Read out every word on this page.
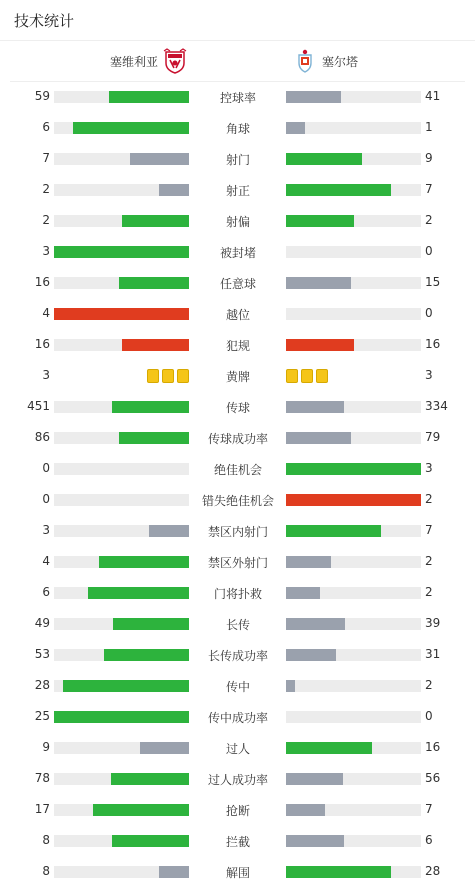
技术统计
塞维利亚	塞尔塔
59	控球率	41
6	角球	1
7	射门	9
2	射正	7
2	射偏	2
3	被封堵	0
16	任意球	15
4	越位	0
16	犯规	16
3	黄牌	3
451	传球	334
86	传球成功率	79
0	绝佳机会	3
0	错失绝佳机会	2
3	禁区内射门	7
4	禁区外射门	2
6	门将扑救	2
49	长传	39
53	长传成功率	31
28	传中	2
25	传中成功率	0
9	过人	16
78	过人成功率	56
17	抢断	7
8	拦截	6
8	解围	28
